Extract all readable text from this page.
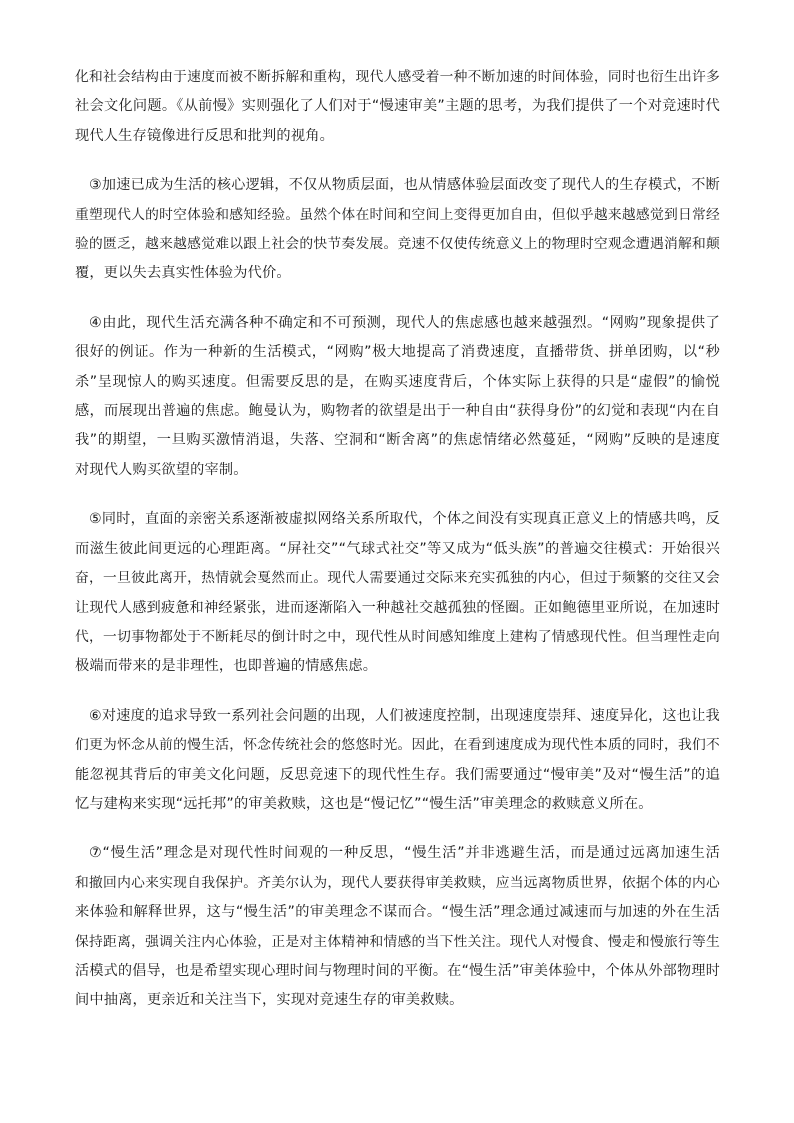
化和社会结构由于速度而被不断拆解和重构，现代人感受着一种不断加速的时间体验，同时也衍生出许多
社会文化问题。《从前慢》实则强化了人们对于“慢速审美”主题的思考，为我们提供了一个对竞速时代
现代人生存镜像进行反思和批判的视角。

③加速已成为生活的核心逻辑，不仅从物质层面，也从情感体验层面改变了现代人的生存模式，不断
重塑现代人的时空体验和感知经验。虽然个体在时间和空间上变得更加自由，但似乎越来越感觉到日常经
验的匮乏，越来越感觉难以跟上社会的快节奏发展。竞速不仅使传统意义上的物理时空观念遭遇消解和颠
覆，更以失去真实性体验为代价。

④由此，现代生活充满各种不确定和不可预测，现代人的焦虑感也越来越强烈。“网购”现象提供了
很好的例证。作为一种新的生活模式，“网购”极大地提高了消费速度，直播带货、拼单团购，以“秒
杀”呈现惊人的购买速度。但需要反思的是，在购买速度背后，个体实际上获得的只是“虚假”的愉悦
感，而展现出普遍的焦虑。鲍曼认为，购物者的欲望是出于一种自由“获得身份”的幻觉和表现“内在自
我”的期望，一旦购买激情消退，失落、空洞和“断舍离”的焦虑情绪必然蔓延，“网购”反映的是速度
对现代人购买欲望的宰制。

⑤同时，直面的亲密关系逐渐被虚拟网络关系所取代，个体之间没有实现真正意义上的情感共鸣，反
而滋生彼此间更远的心理距离。“屏社交”“气球式社交”等又成为“低头族”的普遍交往模式：开始很兴
奋，一旦彼此离开，热情就会戛然而止。现代人需要通过交际来充实孤独的内心，但过于频繁的交往又会
让现代人感到疲惫和神经紧张，进而逐渐陷入一种越社交越孤独的怪圈。正如鲍德里亚所说，在加速时
代，一切事物都处于不断耗尽的倒计时之中，现代性从时间感知维度上建构了情感现代性。但当理性走向
极端而带来的是非理性，也即普遍的情感焦虑。

⑥对速度的追求导致一系列社会问题的出现，人们被速度控制，出现速度崇拜、速度异化，这也让我
们更为怀念从前的慢生活，怀念传统社会的悠悠时光。因此，在看到速度成为现代性本质的同时，我们不
能忽视其背后的审美文化问题，反思竞速下的现代性生存。我们需要通过“慢审美”及对“慢生活”的追
忆与建构来实现“远托邦”的审美救赎，这也是“慢记忆”“慢生活”审美理念的救赎意义所在。

⑦“慢生活”理念是对现代性时间观的一种反思，“慢生活”并非逃避生活，而是通过远离加速生活
和撤回内心来实现自我保护。齐美尔认为，现代人要获得审美救赎，应当远离物质世界，依据个体的内心
来体验和解释世界，这与“慢生活”的审美理念不谋而合。“慢生活”理念通过减速而与加速的外在生活
保持距离，强调关注内心体验，正是对主体精神和情感的当下性关注。现代人对慢食、慢走和慢旅行等生
活模式的倡导，也是希望实现心理时间与物理时间的平衡。在“慢生活”审美体验中，个体从外部物理时
间中抽离，更亲近和关注当下，实现对竞速生存的审美救赎。
